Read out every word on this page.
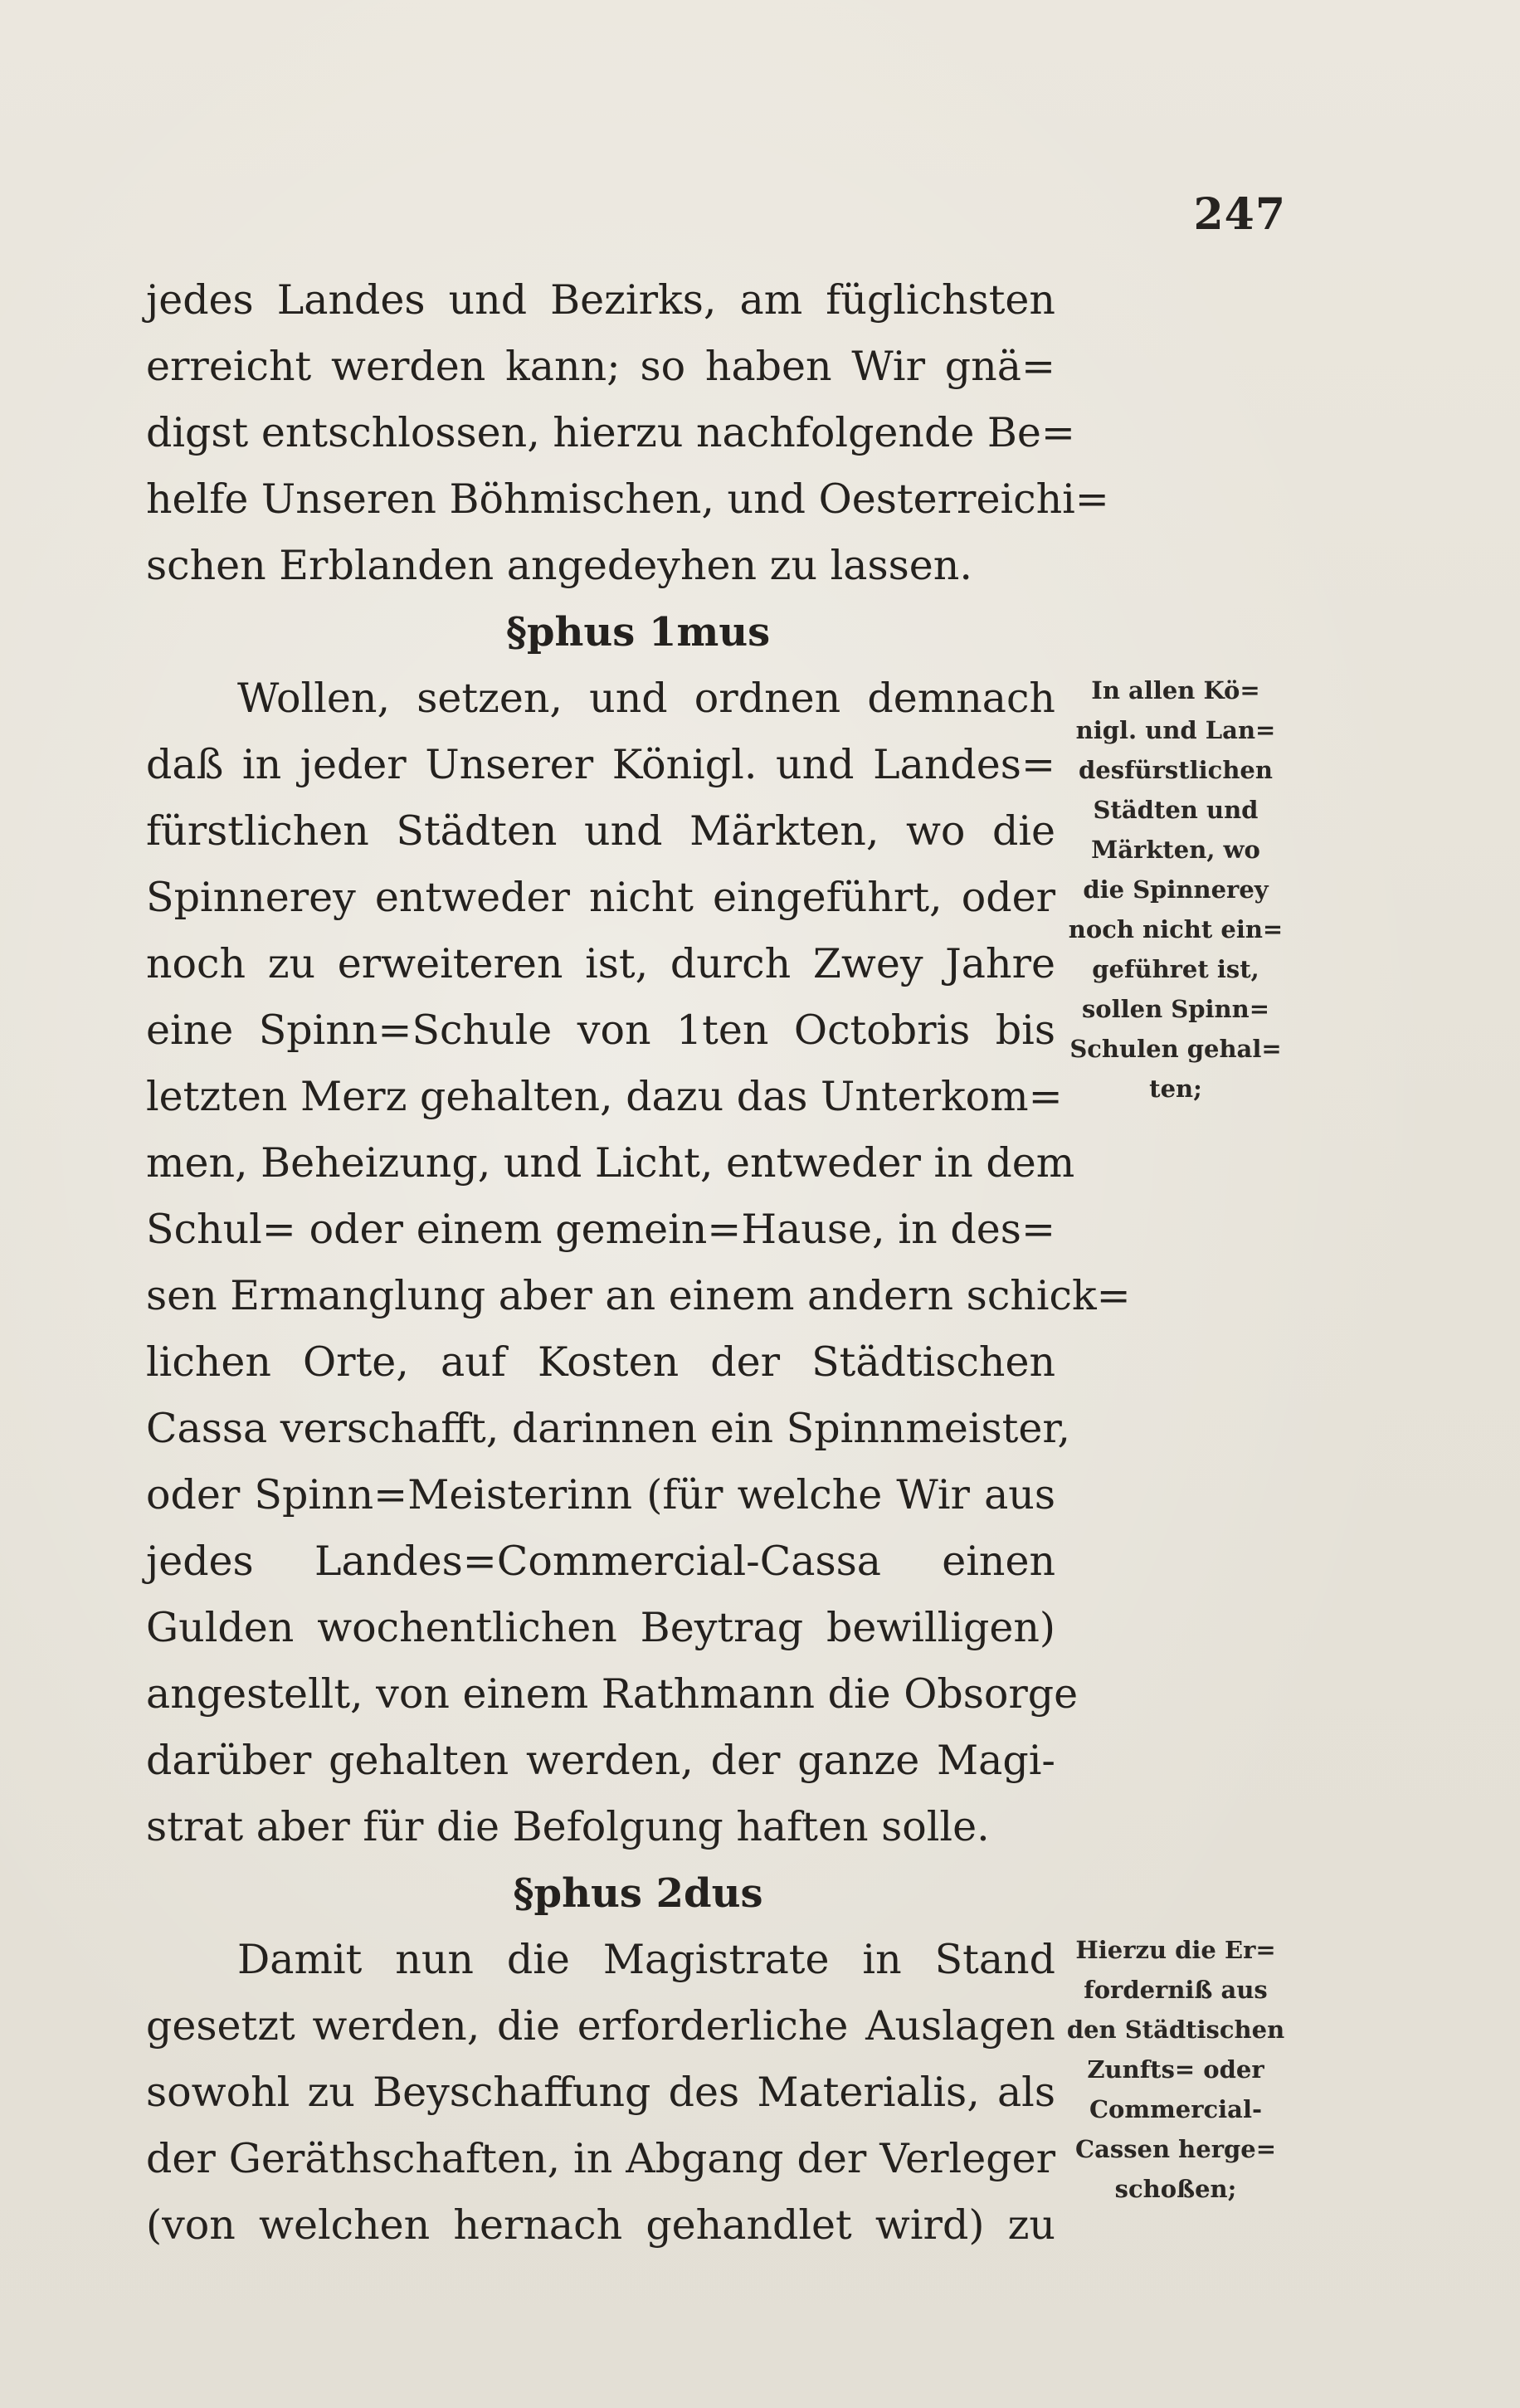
247
jedes Landes und Bezirks, am füglichsten
erreicht werden kann; so haben Wir gnä=
digst entschlossen, hierzu nachfolgende Be=
helfe Unseren Böhmischen, und Oesterreichi=
schen Erblanden angedeyhen zu lassen.
§phus 1mus
Wollen, setzen, und ordnen demnach
daß in jeder Unserer Königl. und Landes=
fürstlichen Städten und Märkten, wo die
Spinnerey entweder nicht eingeführt, oder
noch zu erweiteren ist, durch Zwey Jahre
eine Spinn=Schule von 1ten Octobris bis
letzten Merz gehalten, dazu das Unterkom=
men, Beheizung, und Licht, entweder in dem
Schul= oder einem gemein=Hause, in des=
sen Ermanglung aber an einem andern schick=
lichen Orte, auf Kosten der Städtischen
Cassa verschafft, darinnen ein Spinnmeister,
oder Spinn=Meisterinn (für welche Wir aus
jedes Landes=Commercial-Cassa einen
Gulden wochentlichen Beytrag bewilligen)
angestellt, von einem Rathmann die Obsorge
darüber gehalten werden, der ganze Magi-
strat aber für die Befolgung haften solle.
§phus 2dus
Damit nun die Magistrate in Stand
gesetzt werden, die erforderliche Auslagen
sowohl zu Beyschaffung des Materialis, als
der Geräthschaften, in Abgang der Verleger
(von welchen hernach gehandlet wird) zu
In allen Kö=
nigl. und Lan=
desfürstlichen
Städten und
Märkten, wo
die Spinnerey
noch nicht ein=
geführet ist,
sollen Spinn=
Schulen gehal=
ten;
Hierzu die Er=
forderniß aus
den Städtischen
Zunfts= oder
Commercial-
Cassen herge=
schoßen;
